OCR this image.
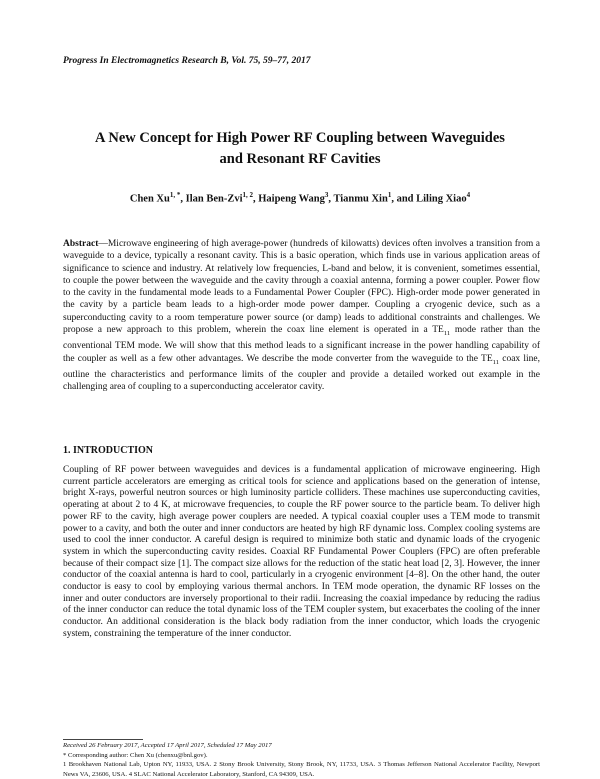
Progress In Electromagnetics Research B, Vol. 75, 59–77, 2017
A New Concept for High Power RF Coupling between Waveguides
and Resonant RF Cavities
Chen $Xu^{1, *}$, Ilan Ben-Zvi$^{1, 2}$, Haipeng Wang$^3$, Tianmu Xin$^1$, and Liling Xiao$^4$
Abstract—Microwave engineering of high average-power (hundreds of kilowatts) devices often involves a transition from a waveguide to a device, typically a resonant cavity. This is a basic operation, which finds use in various application areas of significance to science and industry. At relatively low frequencies, L-band and below, it is convenient, sometimes essential, to couple the power between the waveguide and the cavity through a coaxial antenna, forming a power coupler. Power flow to the cavity in the fundamental mode leads to a Fundamental Power Coupler (FPC). High-order mode power generated in the cavity by a particle beam leads to a high-order mode power damper. Coupling a cryogenic device, such as a superconducting cavity to a room temperature power source (or damp) leads to additional constraints and challenges. We propose a new approach to this problem, wherein the coax line element is operated in a $TE_{11}$ mode rather than the conventional TEM mode. We will show that this method leads to a significant increase in the power handling capability of the coupler as well as a few other advantages. We describe the mode converter from the waveguide to the $TE_{11}$ coax line, outline the characteristics and performance limits of the coupler and provide a detailed worked out example in the challenging area of coupling to a superconducting accelerator cavity.
1. INTRODUCTION
Coupling of RF power between waveguides and devices is a fundamental application of microwave engineering. High current particle accelerators are emerging as critical tools for science and applications based on the generation of intense, bright X-rays, powerful neutron sources or high luminosity particle colliders. These machines use superconducting cavities, operating at about 2 to 4 K, at microwave frequencies, to couple the RF power source to the particle beam. To deliver high power RF to the cavity, high average power couplers are needed. A typical coaxial coupler uses a TEM mode to transmit power to a cavity, and both the outer and inner conductors are heated by high RF dynamic loss. Complex cooling systems are used to cool the inner conductor. A careful design is required to minimize both static and dynamic loads of the cryogenic system in which the superconducting cavity resides. Coaxial RF Fundamental Power Couplers (FPC) are often preferable because of their compact size [1]. The compact size allows for the reduction of the static heat load [2, 3]. However, the inner conductor of the coaxial antenna is hard to cool, particularly in a cryogenic environment [4–8]. On the other hand, the outer conductor is easy to cool by employing various thermal anchors. In TEM mode operation, the dynamic RF losses on the inner and outer conductors are inversely proportional to their radii. Increasing the coaxial impedance by reducing the radius of the inner conductor can reduce the total dynamic loss of the TEM coupler system, but exacerbates the cooling of the inner conductor. An additional consideration is the black body radiation from the inner conductor, which loads the cryogenic system, constraining the temperature of the inner conductor.
Received 26 February 2017, Accepted 17 April 2017, Scheduled 17 May 2017
* Corresponding author: Chen Xu (chenxu@bnl.gov).
1 Brookhaven National Lab, Upton NY, 11933, USA. 2 Stony Brook University, Stony Brook, NY, 11733, USA. 3 Thomas Jefferson National Accelerator Facility, Newport News VA, 23606, USA. 4 SLAC National Accelerator Laboratory, Stanford, CA 94309, USA.
